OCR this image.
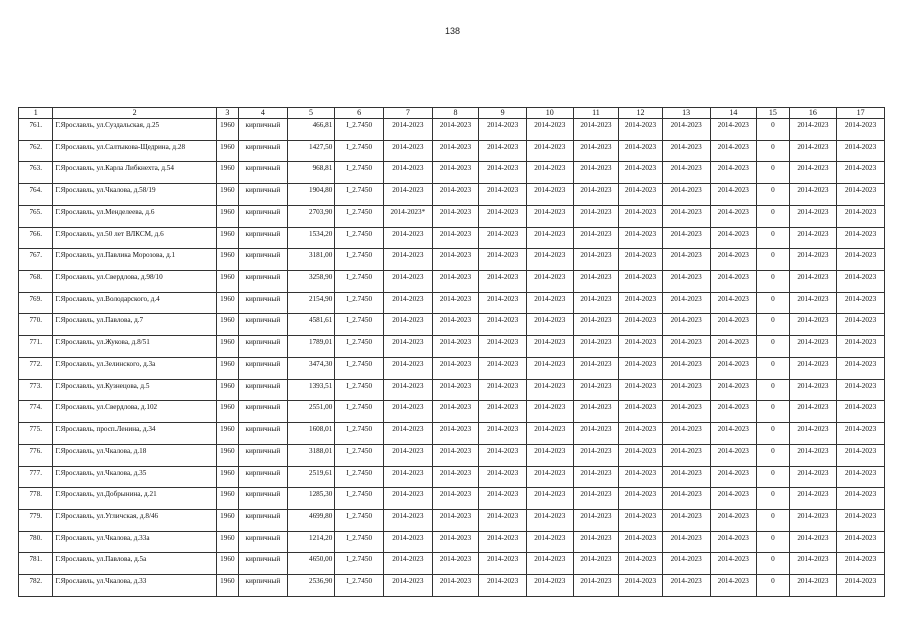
138
1	2	3	4	5	6	7	8	9	10	11	12	13	14	15	16	17
761.	Г.Ярославль, ул.Суздальская, д.25	1960	кирпичный	466,81	I_2.7450	2014-2023	2014-2023	2014-2023	2014-2023	2014-2023	2014-2023	2014-2023	2014-2023	0	2014-2023	2014-2023
762.	Г.Ярославль, ул.Салтыкова-Щедрина, д.28	1960	кирпичный	1427,50	I_2.7450	2014-2023	2014-2023	2014-2023	2014-2023	2014-2023	2014-2023	2014-2023	2014-2023	0	2014-2023	2014-2023
763.	Г.Ярославль, ул.Карла Либкнехта, д.54	1960	кирпичный	968,81	I_2.7450	2014-2023	2014-2023	2014-2023	2014-2023	2014-2023	2014-2023	2014-2023	2014-2023	0	2014-2023	2014-2023
764.	Г.Ярославль, ул.Чкалова, д.58/19	1960	кирпичный	1904,80	I_2.7450	2014-2023	2014-2023	2014-2023	2014-2023	2014-2023	2014-2023	2014-2023	2014-2023	0	2014-2023	2014-2023
765.	Г.Ярославль, ул.Менделеева, д.6	1960	кирпичный	2703,90	I_2.7450	2014-2023*	2014-2023	2014-2023	2014-2023	2014-2023	2014-2023	2014-2023	2014-2023	0	2014-2023	2014-2023
766.	Г.Ярославль, ул.50 лет ВЛКСМ, д.6	1960	кирпичный	1534,20	I_2.7450	2014-2023	2014-2023	2014-2023	2014-2023	2014-2023	2014-2023	2014-2023	2014-2023	0	2014-2023	2014-2023
767.	Г.Ярославль, ул.Павлика Морозова, д.1	1960	кирпичный	3181,00	I_2.7450	2014-2023	2014-2023	2014-2023	2014-2023	2014-2023	2014-2023	2014-2023	2014-2023	0	2014-2023	2014-2023
768.	Г.Ярославль, ул.Свердлова, д.98/10	1960	кирпичный	3258,90	I_2.7450	2014-2023	2014-2023	2014-2023	2014-2023	2014-2023	2014-2023	2014-2023	2014-2023	0	2014-2023	2014-2023
769.	Г.Ярославль, ул.Володарского, д.4	1960	кирпичный	2154,90	I_2.7450	2014-2023	2014-2023	2014-2023	2014-2023	2014-2023	2014-2023	2014-2023	2014-2023	0	2014-2023	2014-2023
770.	Г.Ярославль, ул.Павлова, д.7	1960	кирпичный	4581,61	I_2.7450	2014-2023	2014-2023	2014-2023	2014-2023	2014-2023	2014-2023	2014-2023	2014-2023	0	2014-2023	2014-2023
771.	Г.Ярославль, ул.Жукова, д.8/51	1960	кирпичный	1789,01	I_2.7450	2014-2023	2014-2023	2014-2023	2014-2023	2014-2023	2014-2023	2014-2023	2014-2023	0	2014-2023	2014-2023
772.	Г.Ярославль, ул.Зелинского, д.3а	1960	кирпичный	3474,30	I_2.7450	2014-2023	2014-2023	2014-2023	2014-2023	2014-2023	2014-2023	2014-2023	2014-2023	0	2014-2023	2014-2023
773.	Г.Ярославль, ул.Кузнецова, д.5	1960	кирпичный	1393,51	I_2.7450	2014-2023	2014-2023	2014-2023	2014-2023	2014-2023	2014-2023	2014-2023	2014-2023	0	2014-2023	2014-2023
774.	Г.Ярославль, ул.Свердлова, д.102	1960	кирпичный	2551,00	I_2.7450	2014-2023	2014-2023	2014-2023	2014-2023	2014-2023	2014-2023	2014-2023	2014-2023	0	2014-2023	2014-2023
775.	Г.Ярославль, просп.Ленина, д.34	1960	кирпичный	1608,01	I_2.7450	2014-2023	2014-2023	2014-2023	2014-2023	2014-2023	2014-2023	2014-2023	2014-2023	0	2014-2023	2014-2023
776.	Г.Ярославль, ул.Чкалова, д.18	1960	кирпичный	3188,01	I_2.7450	2014-2023	2014-2023	2014-2023	2014-2023	2014-2023	2014-2023	2014-2023	2014-2023	0	2014-2023	2014-2023
777.	Г.Ярославль, ул.Чкалова, д.35	1960	кирпичный	2519,61	I_2.7450	2014-2023	2014-2023	2014-2023	2014-2023	2014-2023	2014-2023	2014-2023	2014-2023	0	2014-2023	2014-2023
778.	Г.Ярославль, ул.Добрынина, д.21	1960	кирпичный	1285,30	I_2.7450	2014-2023	2014-2023	2014-2023	2014-2023	2014-2023	2014-2023	2014-2023	2014-2023	0	2014-2023	2014-2023
779.	Г.Ярославль, ул.Угличская, д.8/46	1960	кирпичный	4699,80	I_2.7450	2014-2023	2014-2023	2014-2023	2014-2023	2014-2023	2014-2023	2014-2023	2014-2023	0	2014-2023	2014-2023
780.	Г.Ярославль, ул.Чкалова, д.33а	1960	кирпичный	1214,20	I_2.7450	2014-2023	2014-2023	2014-2023	2014-2023	2014-2023	2014-2023	2014-2023	2014-2023	0	2014-2023	2014-2023
781.	Г.Ярославль, ул.Павлова, д.5а	1960	кирпичный	4650,00	I_2.7450	2014-2023	2014-2023	2014-2023	2014-2023	2014-2023	2014-2023	2014-2023	2014-2023	0	2014-2023	2014-2023
782.	Г.Ярославль, ул.Чкалова, д.33	1960	кирпичный	2536,90	I_2.7450	2014-2023	2014-2023	2014-2023	2014-2023	2014-2023	2014-2023	2014-2023	2014-2023	0	2014-2023	2014-2023
